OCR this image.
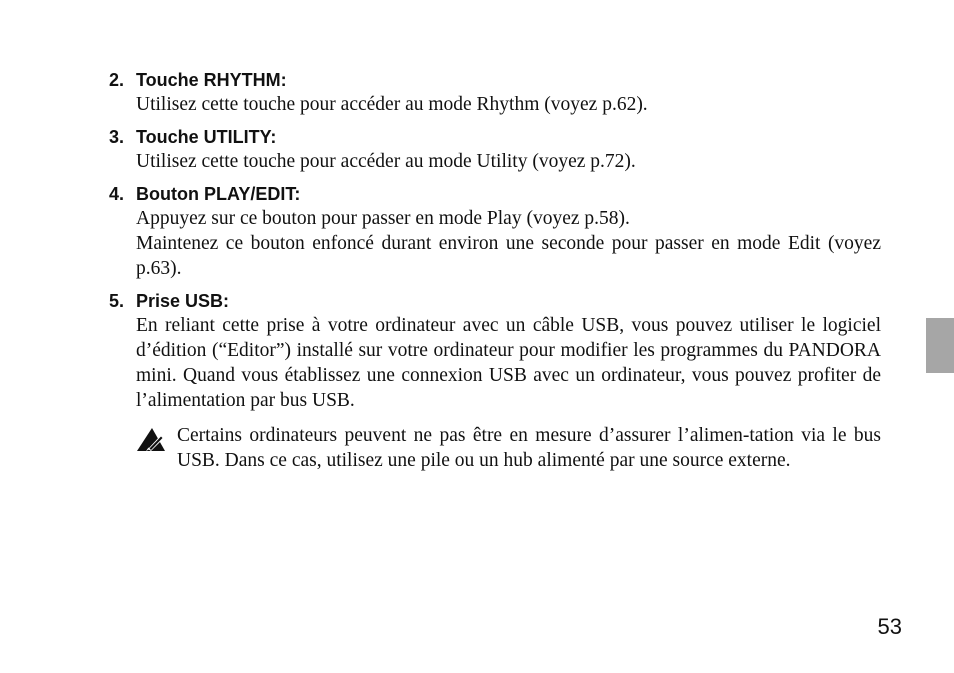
2. Touche RHYTHM:

Utilisez cette touche pour accéder au mode Rhythm (voyez p.62).

3. Touche UTILITY:

Utilisez cette touche pour accéder au mode Utility (voyez p.72).

4. Bouton PLAY/EDIT:

Appuyez sur ce bouton pour passer en mode Play (voyez p.58).

Maintenez ce bouton enfoncé durant environ une seconde pour passer en mode Edit (voyez p.63).

5. Prise USB:

En reliant cette prise à votre ordinateur avec un câble USB, vous pouvez utiliser le logiciel d’édition (“Editor”) installé sur votre ordinateur pour modifier les programmes du PANDORA mini. Quand vous établissez une connexion USB avec un ordinateur, vous pouvez profiter de l’alimentation par bus USB.

Certains ordinateurs peuvent ne pas être en mesure d’assurer l’alimen-tation via le bus USB. Dans ce cas, utilisez une pile ou un hub alimenté par une source externe.
53
